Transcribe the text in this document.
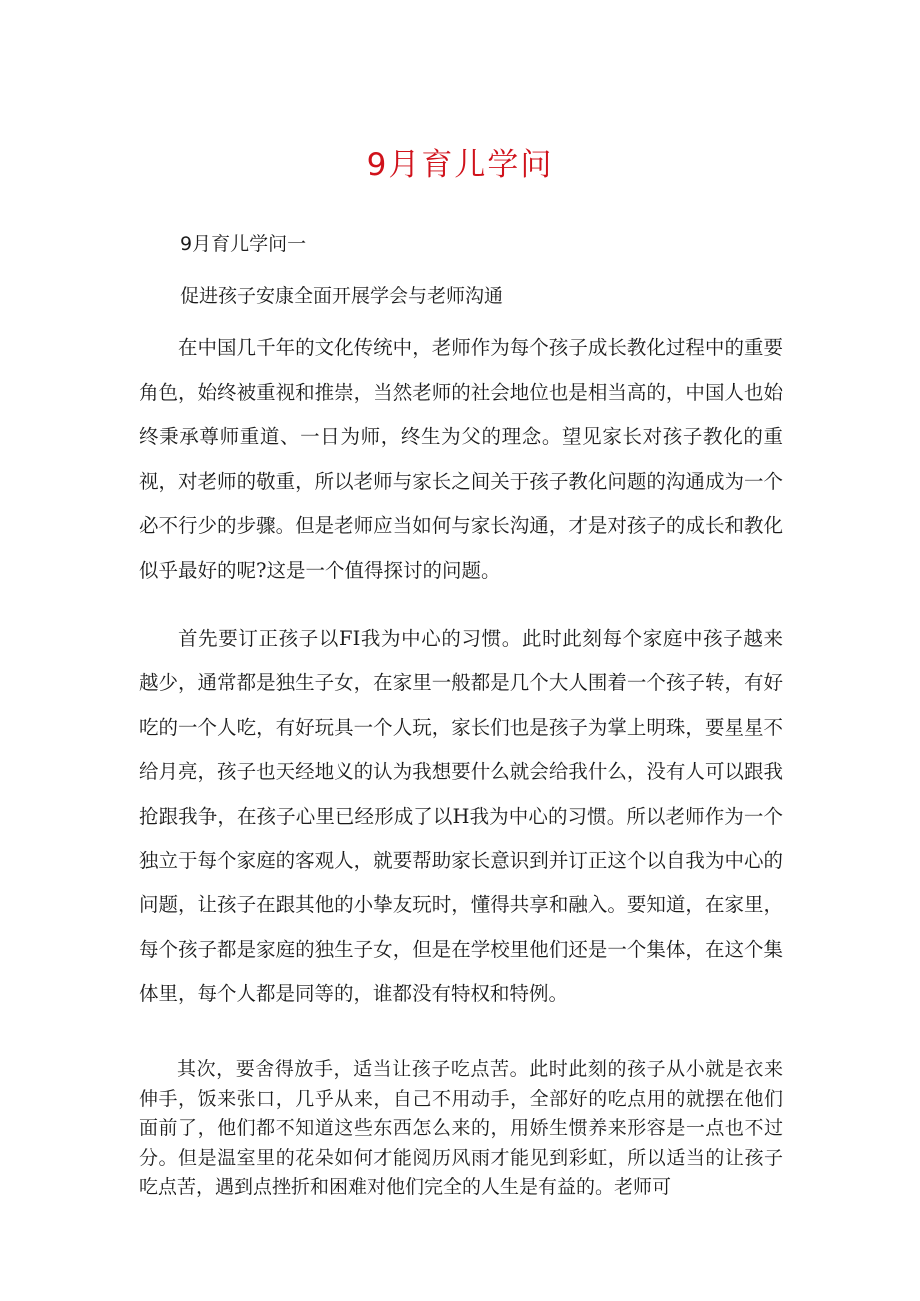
9月育儿学问

9月育儿学问一

促进孩子安康全面开展学会与老师沟通

在中国几千年的文化传统中，老师作为每个孩子成长教化过程中的重要角色，始终被重视和推崇，当然老师的社会地位也是相当高的，中国人也始终秉承尊师重道、一日为师，终生为父的理念。望见家长对孩子教化的重视，对老师的敬重，所以老师与家长之间关于孩子教化问题的沟通成为一个必不行少的步骤。但是老师应当如何与家长沟通，才是对孩子的成长和教化似乎最好的呢?这是一个值得探讨的问题。

首先要订正孩子以FI我为中心的习惯。此时此刻每个家庭中孩子越来越少，通常都是独生子女，在家里一般都是几个大人围着一个孩子转，有好吃的一个人吃，有好玩具一个人玩，家长们也是孩子为掌上明珠，要星星不给月亮，孩子也天经地义的认为我想要什么就会给我什么，没有人可以跟我抢跟我争，在孩子心里已经形成了以H我为中心的习惯。所以老师作为一个独立于每个家庭的客观人，就要帮助家长意识到并订正这个以自我为中心的问题，让孩子在跟其他的小挚友玩时，懂得共享和融入。要知道，在家里，每个孩子都是家庭的独生子女，但是在学校里他们还是一个集体，在这个集体里，每个人都是同等的，谁都没有特权和特例。

其次，要舍得放手，适当让孩子吃点苦。此时此刻的孩子从小就是衣来伸手，饭来张口，几乎从来，自己不用动手，全部好的吃点用的就摆在他们面前了，他们都不知道这些东西怎么来的，用娇生惯养来形容是一点也不过分。但是温室里的花朵如何才能阅历风雨才能见到彩虹，所以适当的让孩子吃点苦，遇到点挫折和困难对他们完全的人生是有益的。老师可
